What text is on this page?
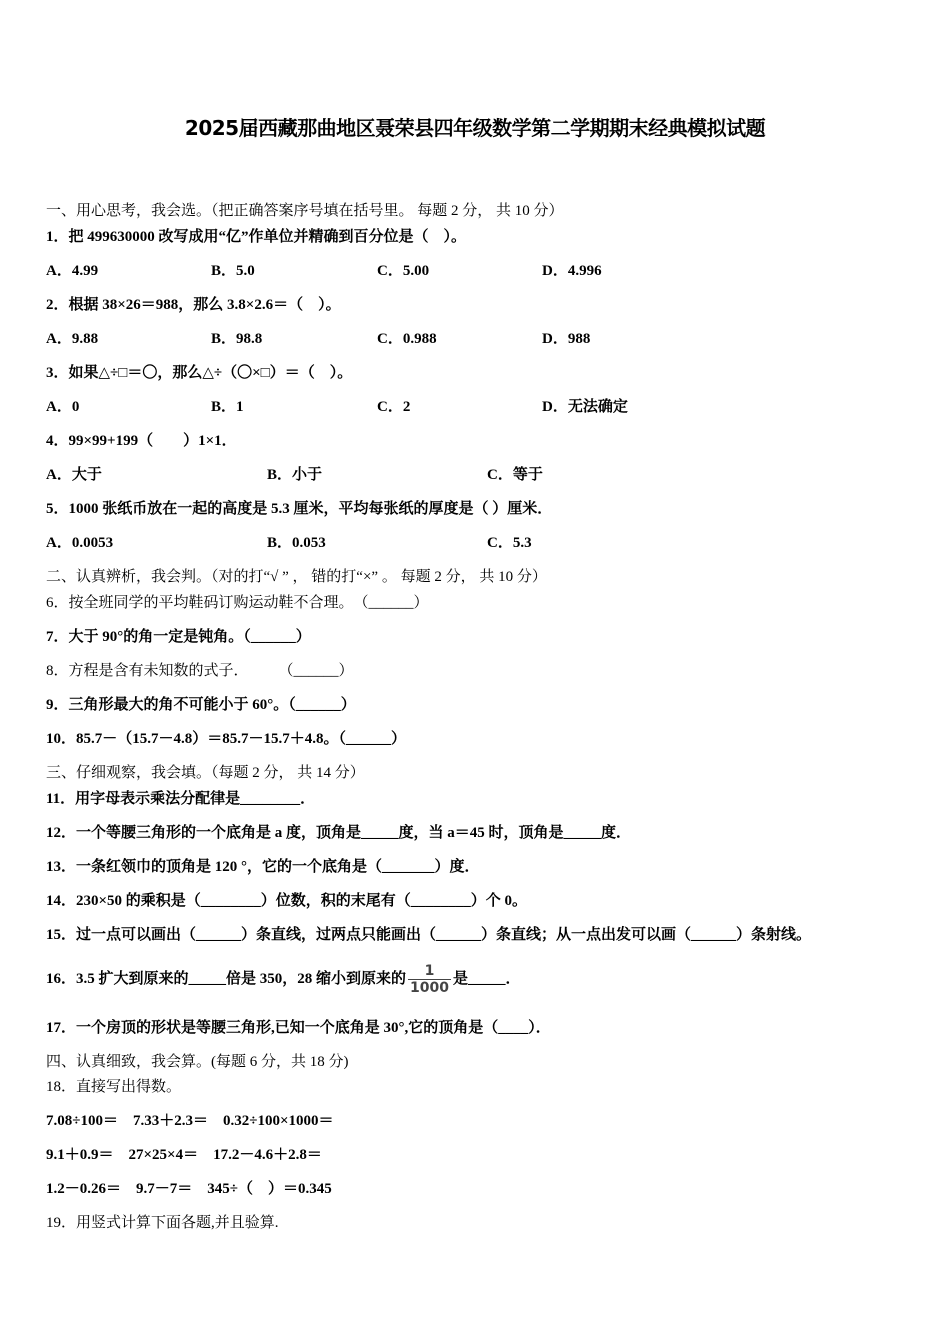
2025届西藏那曲地区聂荣县四年级数学第二学期期末经典模拟试题
一、用心思考，我会选。（把正确答案序号填在括号里。 每题 2 分， 共 10 分）
1．把 499630000 改写成用“亿”作单位并精确到百分位是（　）。
A．4.99	B．5.0	C．5.00	D．4.996
2．根据 38×26＝988，那么 3.8×2.6＝（　）。
A．9.88	B．98.8	C．0.988	D．988
3．如果△÷□＝〇，那么△÷（〇×□）＝（　）。
A．0	B．1	C．2	D．无法确定
4．99×99+199（　　）1×1．
A．大于	B．小于	C．等于
5．1000 张纸币放在一起的高度是 5.3 厘米，平均每张纸的厚度是（ ）厘米．
A．0.0053	B．0.053	C．5.3
二、认真辨析，我会判。（对的打“√ ” ， 错的打“×” 。 每题 2 分， 共 10 分）
6．按全班同学的平均鞋码订购运动鞋不合理。　（______）
7．大于 90°的角一定是钝角。（______）
8．方程是含有未知数的式子．　　　（______）
9．三角形最大的角不可能小于 60°。（______）
10．85.7－（15.7－4.8）＝85.7－15.7＋4.8。（______）
三、仔细观察，我会填。（每题 2 分， 共 14 分）
11．用字母表示乘法分配律是________．
12．一个等腰三角形的一个底角是 a 度，顶角是_____度，当 a＝45 时，顶角是_____度．
13．一条红领巾的顶角是 120 °，它的一个底角是（_______）度．
14．230×50 的乘积是（________）位数，积的末尾有（________）个 0。
15．过一点可以画出（______）条直线，过两点只能画出（______）条直线；从一点出发可以画（______）条射线。
16．3.5 扩大到原来的_____倍是 350，28 缩小到原来的 $\frac{1}{1000}$ 是_____．
17．一个房顶的形状是等腰三角形,已知一个底角是 30°,它的顶角是（____）．
四、认真细致，我会算。(每题 6 分，共 18 分)
18．直接写出得数。
7.08÷100＝　7.33＋2.3＝　0.32÷100×1000＝
9.1＋0.9＝　27×25×4＝　17.2－4.6＋2.8＝
1.2－0.26＝　9.7－7＝　345÷（　）＝0.345
19．用竖式计算下面各题,并且验算.
